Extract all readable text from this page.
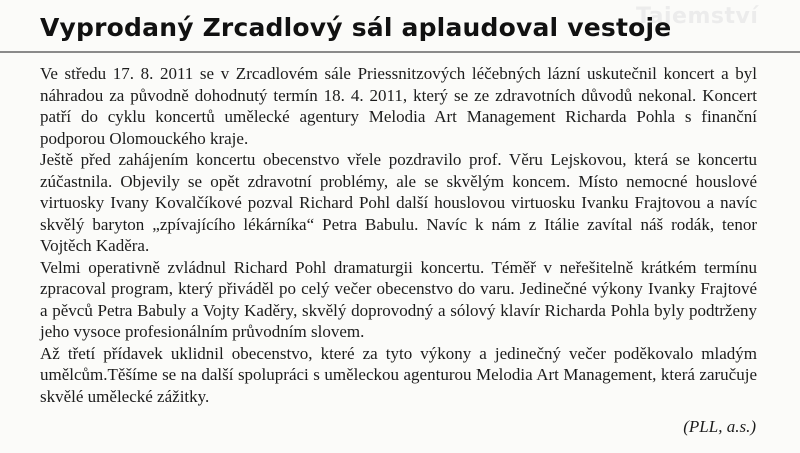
Tajemství
Vyprodaný Zrcadlový sál aplaudoval vestoje

Ve středu 17. 8. 2011 se v Zrcadlovém sále Priessnitzových léčebných lázní uskutečnil koncert a byl náhradou za původně dohodnutý termín 18. 4. 2011, který se ze zdravotních důvodů nekonal. Koncert patří do cyklu koncertů umělecké agentury Melodia Art Management Richarda Pohla s finanční podporou Olomouckého kraje.

Ještě před zahájením koncertu obecenstvo vřele pozdravilo prof. Věru Lejskovou, která se koncertu zúčastnila. Objevily se opět zdravotní problémy, ale se skvělým koncem. Místo nemocné houslové virtuosky Ivany Kovalčíkové pozval Richard Pohl další houslovou virtuosku Ivanku Frajtovou a navíc skvělý baryton „zpívajícího lékárníka“ Petra Babulu. Navíc k nám z Itálie zavítal náš rodák, tenor Vojtěch Kaděra.

Velmi operativně zvládnul Richard Pohl dramaturgii koncertu. Téměř v neřešitelně krátkém termínu zpracoval program, který přiváděl po celý večer obecenstvo do varu. Jedinečné výkony Ivanky Frajtové a pěvců Petra Babuly a Vojty Kaděry, skvělý doprovodný a sólový klavír Richarda Pohla byly podtrženy jeho vysoce profesionálním průvodním slovem.

Až třetí přídavek uklidnil obecenstvo, které za tyto výkony a jedinečný večer poděkovalo mladým umělcům.Těšíme se na další spolupráci s uměleckou agenturou Melodia Art Management, která zaručuje skvělé umělecké zážitky.

(PLL, a.s.)
